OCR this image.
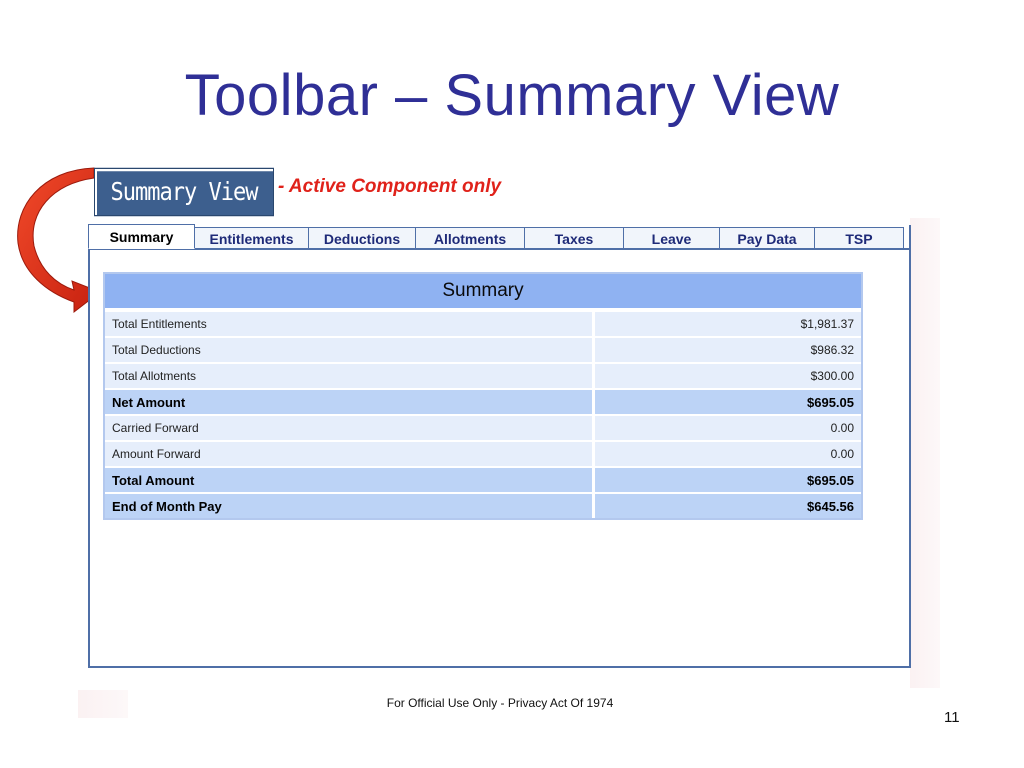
Toolbar – Summary View
Summary View	- Active Component only
Summary	Entitlements	Deductions	Allotments	Taxes	Leave	Pay Data	TSP
Summary
Total Entitlements	$1,981.37
Total Deductions	$986.32
Total Allotments	$300.00
Net Amount	$695.05
Carried Forward	0.00
Amount Forward	0.00
Total Amount	$695.05
End of Month Pay	$645.56
For Official Use Only - Privacy Act Of 1974
11
